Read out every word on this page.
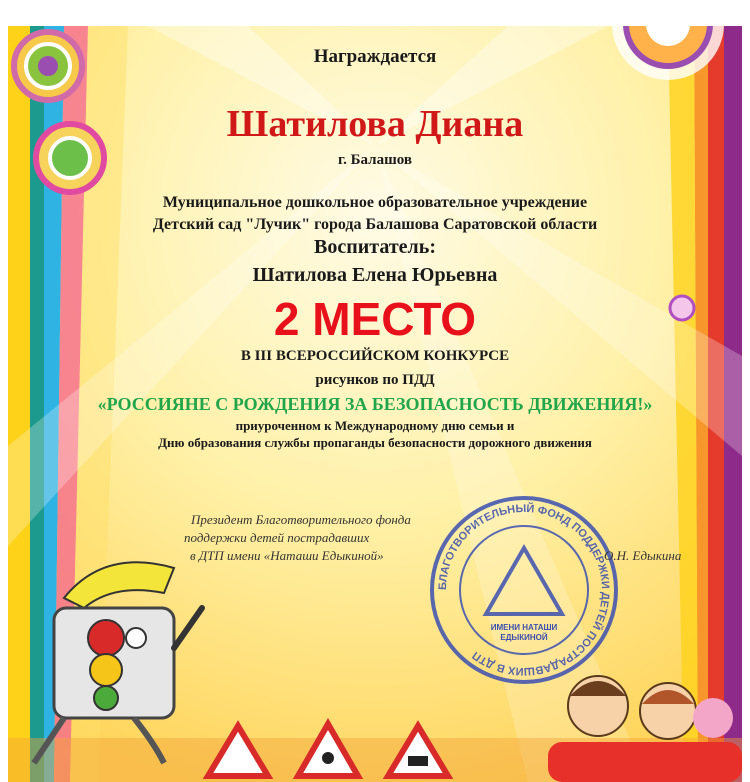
Награждается
Шатилова Диана
г. Балашов
Муниципальное дошкольное образовательное учреждение
Детский сад "Лучик" города Балашова Саратовской области
Воспитатель:
Шатилова Елена Юрьевна
2 МЕСТО
В III ВСЕРОССИЙСКОМ КОНКУРСЕ
рисунков по ПДД
«РОССИЯНЕ С РОЖДЕНИЯ ЗА БЕЗОПАСНОСТЬ ДВИЖЕНИЯ!»
приуроченном к Международному дню семьи и
Дню образования службы пропаганды безопасности дорожного движения
БЛАГОТВОРИТЕЛЬНЫЙ ФОНД ПОДДЕРЖКИ ДЕТЕЙ ПОСТРАДАВШИХ В ДТП
ИМЕНИ НАТАШИ
ЕДЫКИНОЙ
Президент Благотворительного фонда
поддержки детей пострадавших
в ДТП имени «Наташи Едыкиной»	О.Н. Едыкина
